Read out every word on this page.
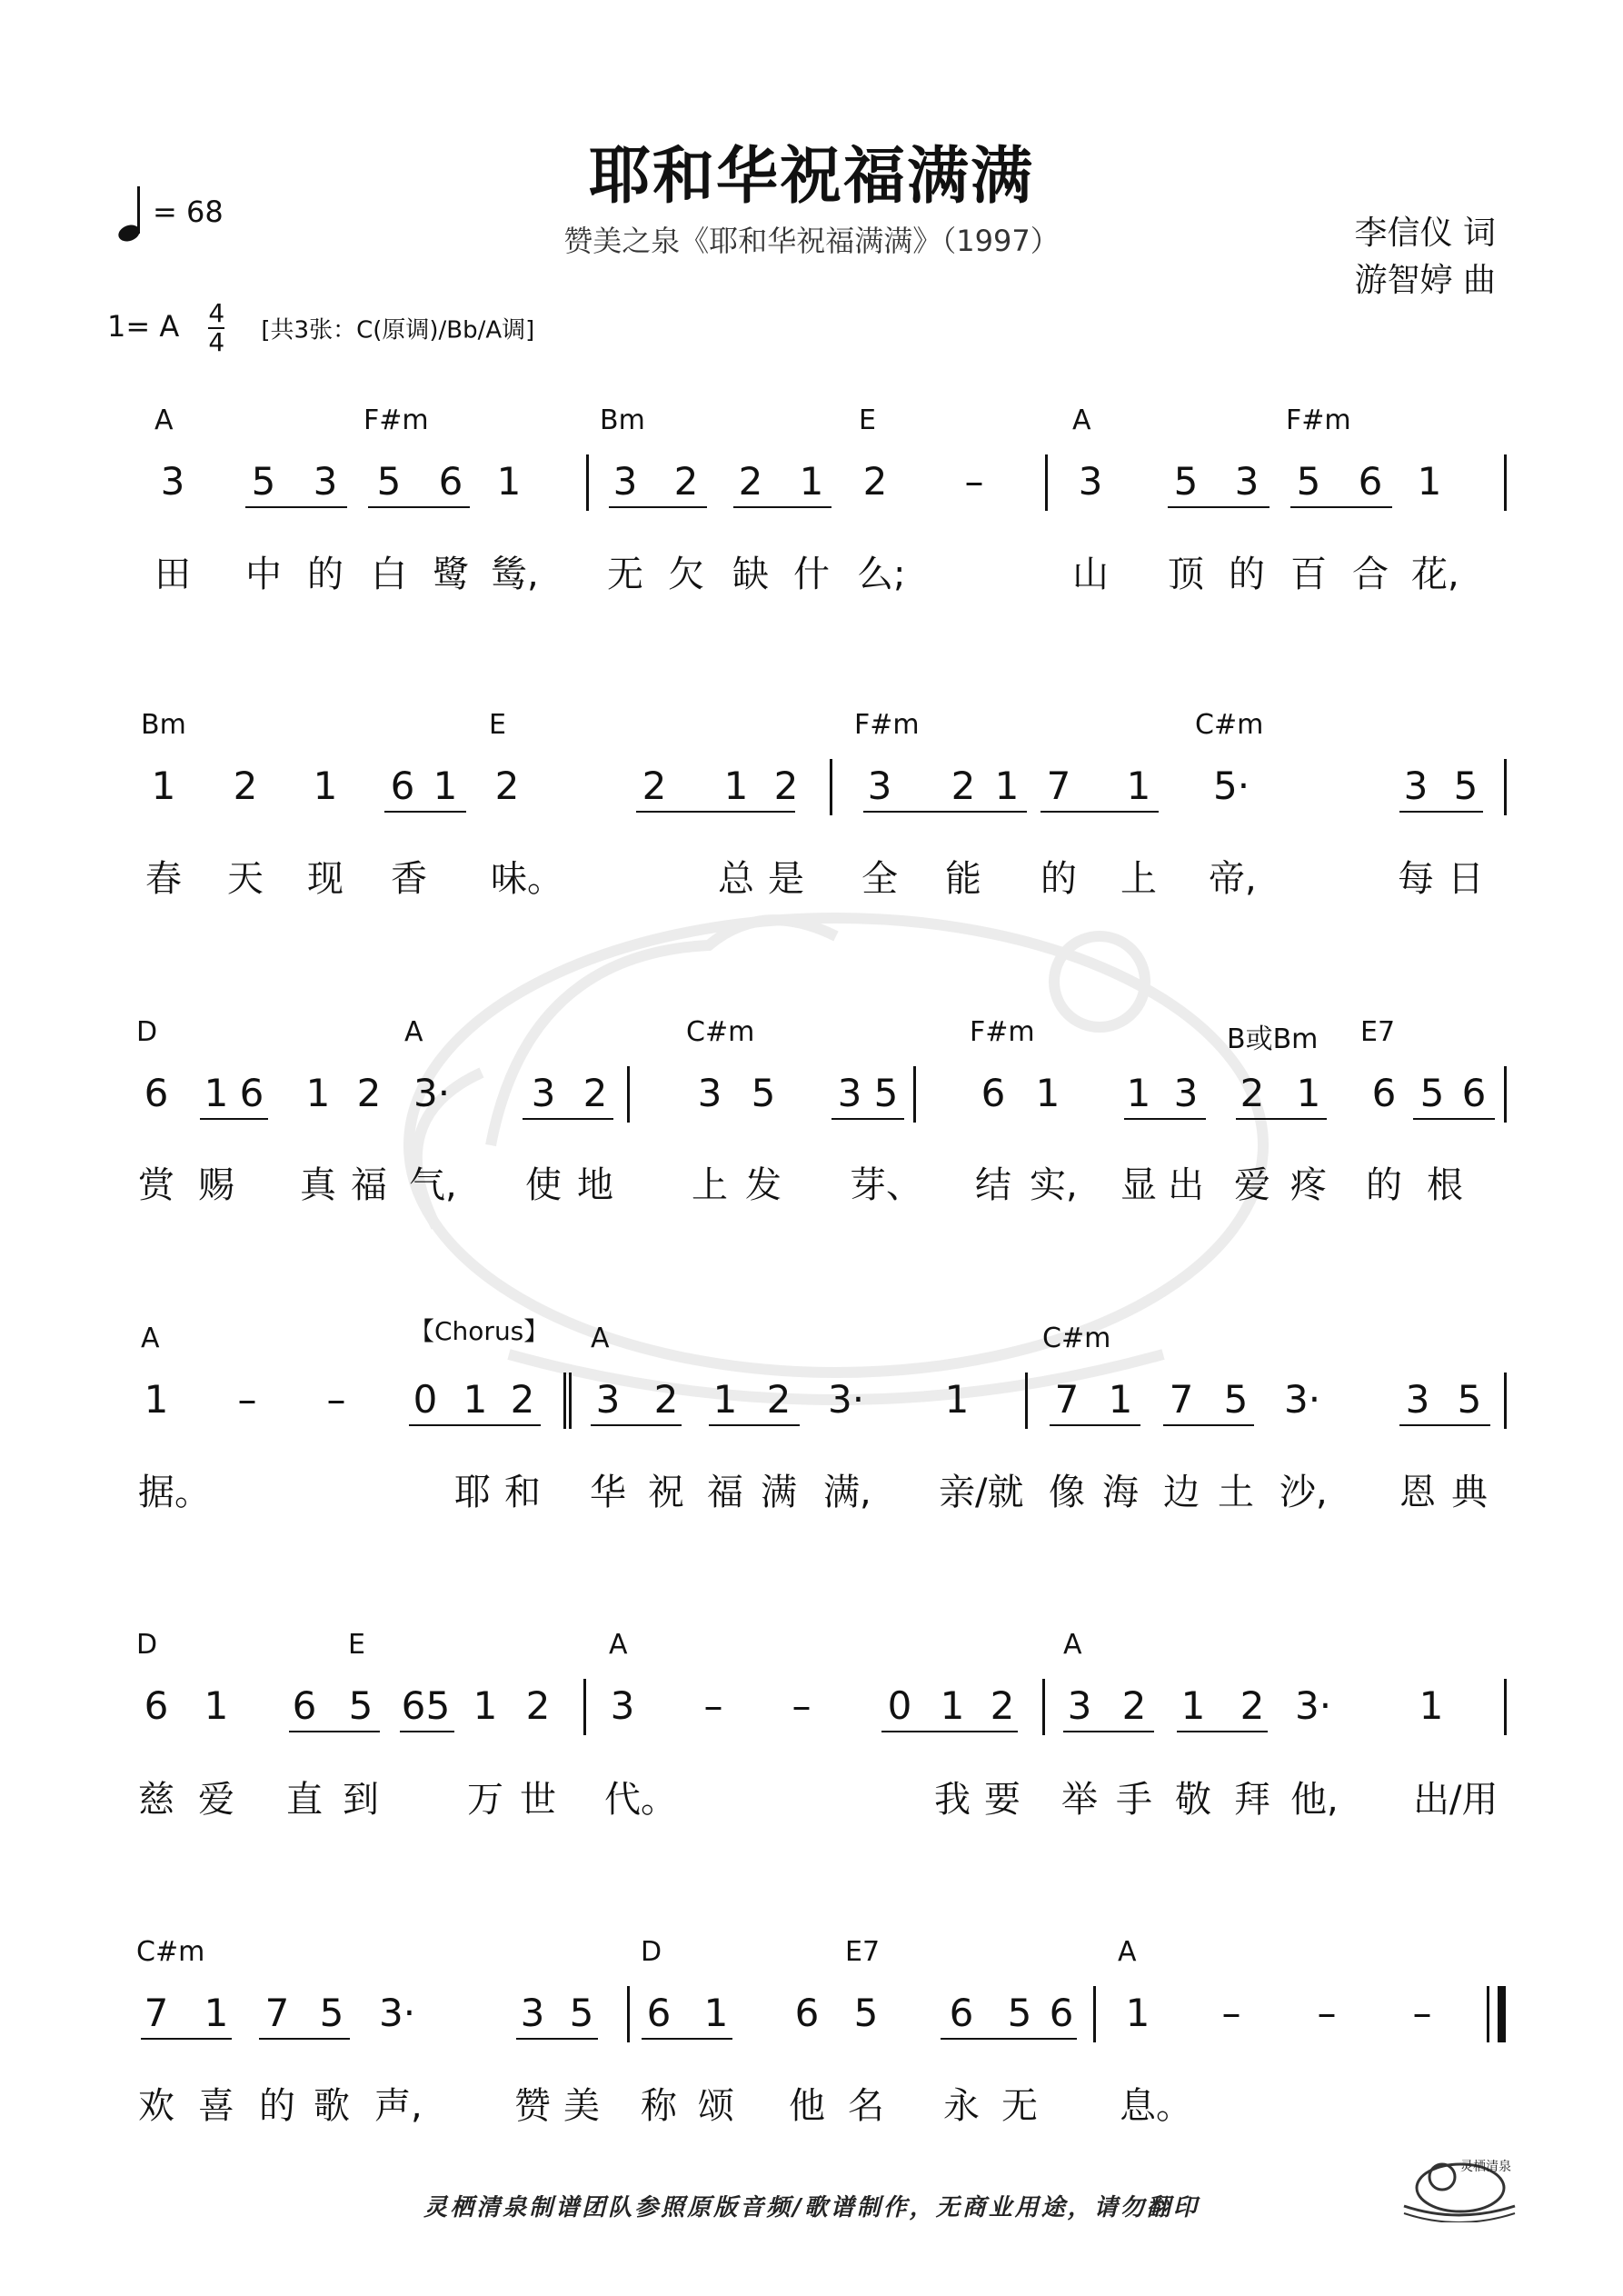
耶和华祝福满满
赞美之泉《耶和华祝福满满》（1997）	李信仪 词
游智婷 曲
= 68
1= A $\frac{4}{4}$ [共3张：C(原调)/Bb/A调]
A	F#m	Bm	E	A	F#m
3 5 3 5 6 1 3 2 2 1 2 – 3 5 3 5 6 1
田 中 的 白 鹭 鸶, 无 欠 缺 什 么;	山 顶 的 百 合 花,
Bm	E	F#m	C#m
1 2 1 6 1 2	2 1 2 3 2 1 7 1 5·	3 5
春 天 现 香 味。	总 是 全 能 的 上 帝,	每 日
D	A	C#m	F#m	B或Bm E7
6 1 6 1 2 3· 3 2 3 5 3 5 6 1 1 3 2 1 6 5 6
赏 赐 真 福 气, 使 地 上 发 芽、 结 实, 显 出 爱 疼 的 根
A	A	C#m
1 – – 0 1 2 3 2 1 2 3· 1 7 1 7 5 3· 3 5
据。	耶 和 华 祝 福 满 满, 亲/就 像 海 边 土 沙, 恩 典
D	E	A	A
6 1 6 5 6 5 1 2 3 – – 0 1 2 3 2 1 2 3· 1
慈 爱 直 到 万 世 代。	我 要 举 手 敬 拜 他, 出/用
C#m	D	E7	A
7 1 7 5 3·	3 5 6 1 6 5 6 5 6 1 – – –
欢 喜 的 歌 声,	赞 美 称 颂 他 名 永 无 息。
【Chorus】
灵栖清泉制谱团队参照原版音频/歌谱制作，无商业用途，请勿翻印
灵栖清泉
